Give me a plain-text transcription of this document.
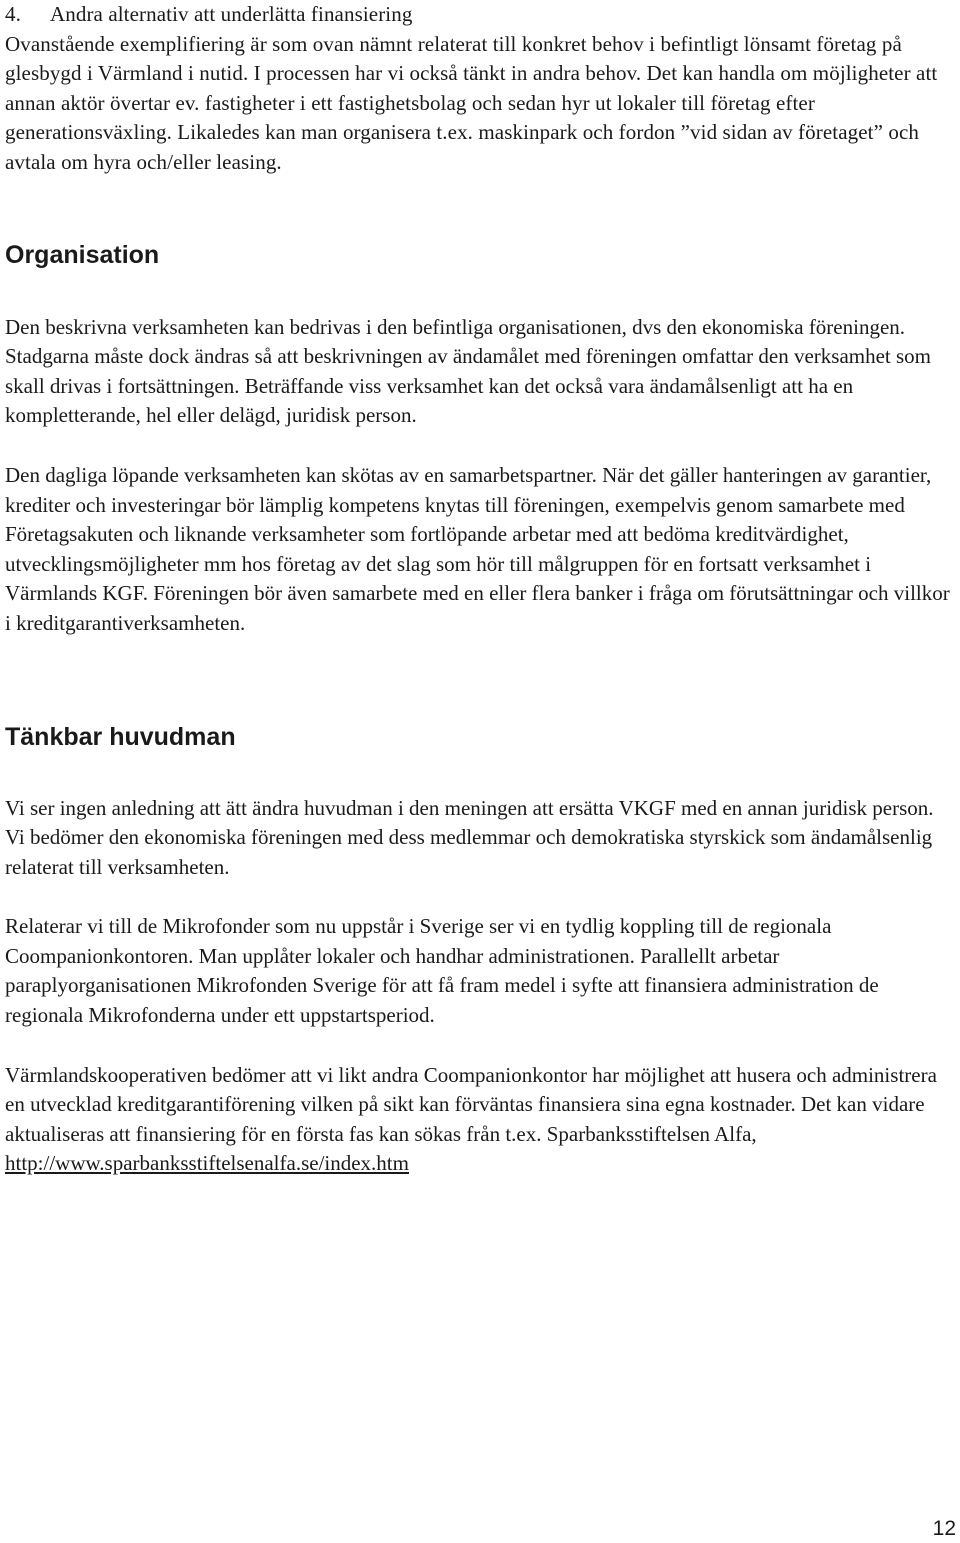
4. Andra alternativ att underlätta finansiering

Ovanstående exemplifiering är som ovan nämnt relaterat till konkret behov i befintligt lönsamt företag på glesbygd i Värmland i nutid. I processen har vi också tänkt in andra behov. Det kan handla om möjligheter att annan aktör övertar ev. fastigheter i ett fastighetsbolag och sedan hyr ut lokaler till företag efter generationsväxling. Likaledes kan man organisera t.ex. maskinpark och fordon ”vid sidan av företaget” och avtala om hyra och/eller leasing.

Organisation

Den beskrivna verksamheten kan bedrivas i den befintliga organisationen, dvs den ekonomiska föreningen. Stadgarna måste dock ändras så att beskrivningen av ändamålet med föreningen omfattar den verksamhet som skall drivas i fortsättningen. Beträffande viss verksamhet kan det också vara ändamålsenligt att ha en kompletterande, hel eller delägd, juridisk person.

Den dagliga löpande verksamheten kan skötas av en samarbetspartner. När det gäller hanteringen av garantier, krediter och investeringar bör lämplig kompetens knytas till föreningen, exempelvis genom samarbete med Företagsakuten och liknande verksamheter som fortlöpande arbetar med att bedöma kreditvärdighet, utvecklingsmöjligheter mm hos företag av det slag som hör till målgruppen för en fortsatt verksamhet i Värmlands KGF. Föreningen bör även samarbete med en eller flera banker i fråga om förutsättningar och villkor i kreditgarantiverksamheten.

Tänkbar huvudman

Vi ser ingen anledning att ätt ändra huvudman i den meningen att ersätta VKGF med en annan juridisk person. Vi bedömer den ekonomiska föreningen med dess medlemmar och demokratiska styrskick som ändamålsenlig relaterat till verksamheten.

Relaterar vi till de Mikrofonder som nu uppstår i Sverige ser vi en tydlig koppling till de regionala Coompanionkontoren. Man upplåter lokaler och handhar administrationen. Parallellt arbetar paraplyorganisationen Mikrofonden Sverige för att få fram medel i syfte att finansiera administration de regionala Mikrofonderna under ett uppstartsperiod.

Värmlandskooperativen bedömer att vi likt andra Coompanionkontor har möjlighet att husera och administrera en utvecklad kreditgarantiförening vilken på sikt kan förväntas finansiera sina egna kostnader. Det kan vidare aktualiseras att finansiering för en första fas kan sökas från t.ex. Sparbanksstiftelsen Alfa,
http://www.sparbanksstiftelsenalfa.se/index.htm

12
